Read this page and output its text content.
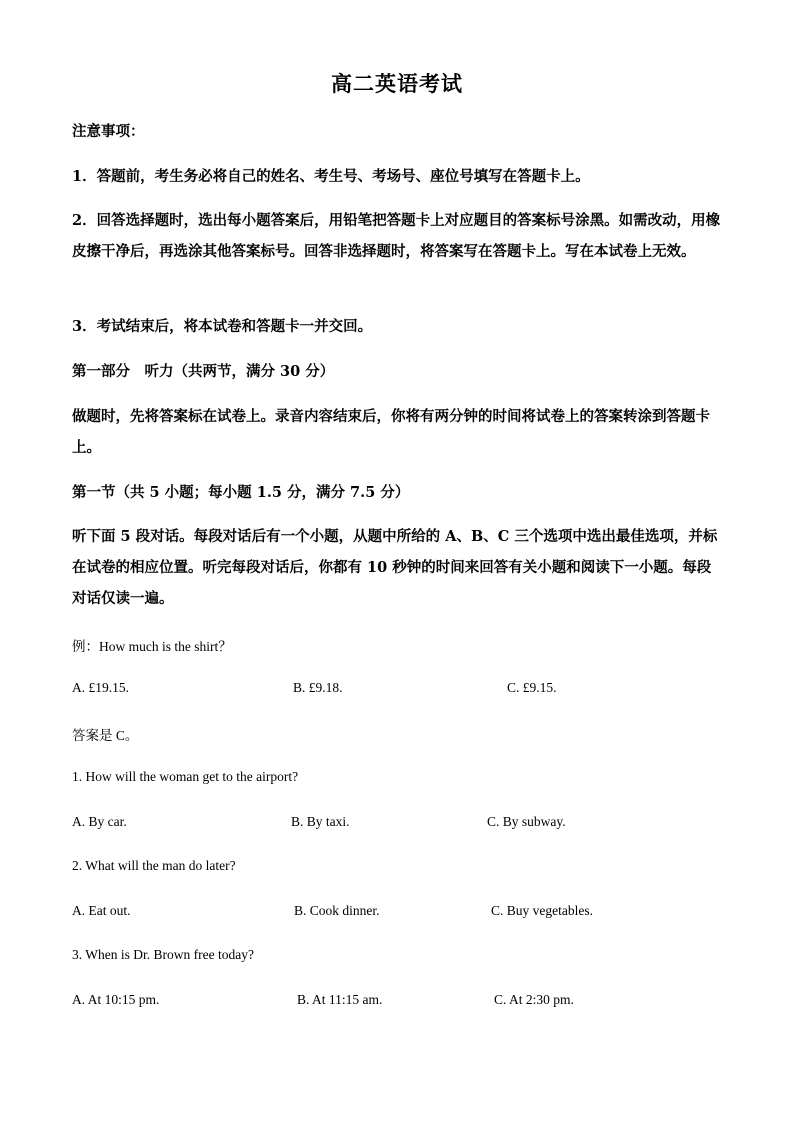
高二英语考试
注意事项：
1．答题前，考生务必将自己的姓名、考生号、考场号、座位号填写在答题卡上。
2．回答选择题时，选出每小题答案后，用铅笔把答题卡上对应题目的答案标号涂黑。如需改动，用橡皮擦干净后，再选涂其他答案标号。回答非选择题时，将答案写在答题卡上。写在本试卷上无效。
3．考试结束后，将本试卷和答题卡一并交回。
第一部分　听力（共两节，满分 30 分）
做题时，先将答案标在试卷上。录音内容结束后，你将有两分钟的时间将试卷上的答案转涂到答题卡上。
第一节（共 5 小题；每小题 1.5 分，满分 7.5 分）
听下面 5 段对话。每段对话后有一个小题，从题中所给的 A、B、C 三个选项中选出最佳选项，并标在试卷的相应位置。听完每段对话后，你都有 10 秒钟的时间来回答有关小题和阅读下一小题。每段对话仅读一遍。
例：How much is the shirt？
A. £19.15.	B. £9.18.	C. £9.15.
答案是 C。
1. How will the woman get to the airport?
A. By car.	B. By taxi.	C. By subway.
2. What will the man do later?
A. Eat out.	B. Cook dinner.	C. Buy vegetables.
3. When is Dr. Brown free today?
A. At 10:15 pm.	B. At 11:15 am.	C. At 2:30 pm.
